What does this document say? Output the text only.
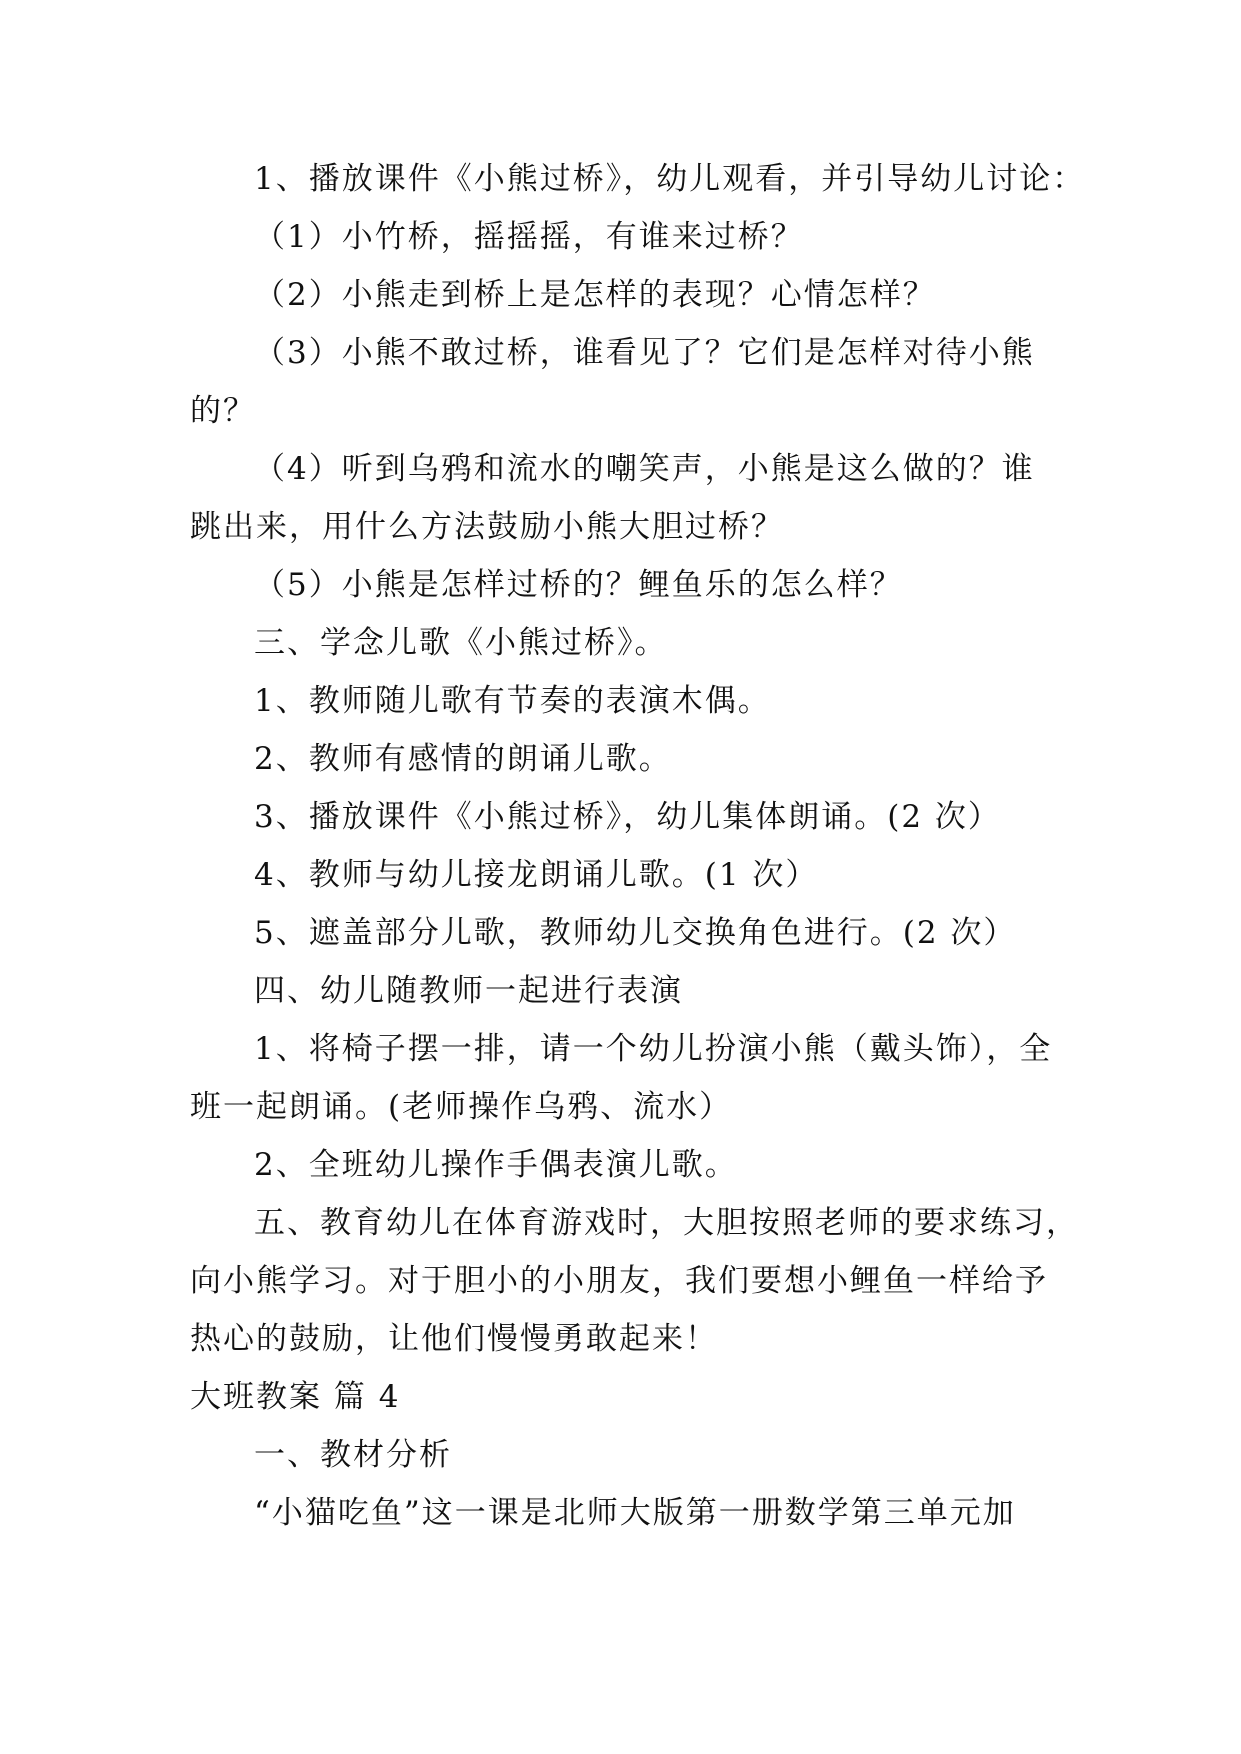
1、播放课件《小熊过桥》，幼儿观看，并引导幼儿讨论：
（1）小竹桥，摇摇摇，有谁来过桥？
（2）小熊走到桥上是怎样的表现？心情怎样？
（3）小熊不敢过桥，谁看见了？它们是怎样对待小熊
的？
（4）听到乌鸦和流水的嘲笑声，小熊是这么做的？谁
跳出来，用什么方法鼓励小熊大胆过桥？
（5）小熊是怎样过桥的？鲤鱼乐的怎么样？
三、学念儿歌《小熊过桥》。
1、教师随儿歌有节奏的表演木偶。
2、教师有感情的朗诵儿歌。
3、播放课件《小熊过桥》，幼儿集体朗诵。(2 次）
4、教师与幼儿接龙朗诵儿歌。(1 次）
5、遮盖部分儿歌，教师幼儿交换角色进行。(2 次）
四、幼儿随教师一起进行表演
1、将椅子摆一排，请一个幼儿扮演小熊（戴头饰），全
班一起朗诵。(老师操作乌鸦、流水）
2、全班幼儿操作手偶表演儿歌。
五、教育幼儿在体育游戏时，大胆按照老师的要求练习，
向小熊学习。对于胆小的小朋友，我们要想小鲤鱼一样给予
热心的鼓励，让他们慢慢勇敢起来！
大班教案 篇 4
一、教材分析
“小猫吃鱼”这一课是北师大版第一册数学第三单元加
